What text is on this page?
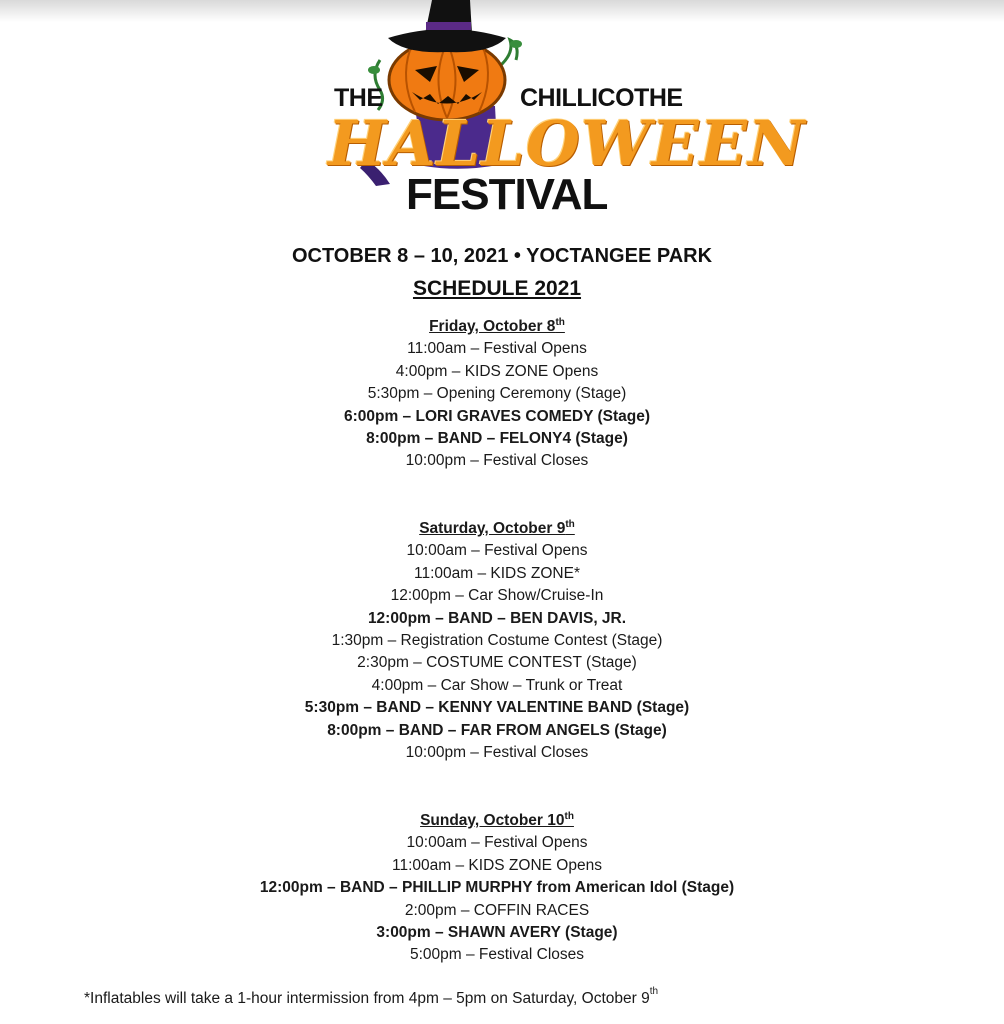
THE	CHILLICOTHE
HALLOWEEN
FESTIVAL
OCTOBER 8 – 10, 2021 • YOCTANGEE PARK
SCHEDULE 2021
Friday, October 8th
11:00am – Festival Opens
4:00pm – KIDS ZONE Opens
5:30pm – Opening Ceremony (Stage)
6:00pm – LORI GRAVES COMEDY (Stage)
8:00pm – BAND – FELONY4 (Stage)
10:00pm – Festival Closes
Saturday, October 9th
10:00am – Festival Opens
11:00am – KIDS ZONE*
12:00pm – Car Show/Cruise-In
12:00pm – BAND – BEN DAVIS, JR.
1:30pm – Registration Costume Contest (Stage)
2:30pm – COSTUME CONTEST (Stage)
4:00pm – Car Show – Trunk or Treat
5:30pm – BAND – KENNY VALENTINE BAND (Stage)
8:00pm – BAND – FAR FROM ANGELS (Stage)
10:00pm – Festival Closes
Sunday, October 10th
10:00am – Festival Opens
11:00am – KIDS ZONE Opens
12:00pm – BAND – PHILLIP MURPHY from American Idol (Stage)
2:00pm – COFFIN RACES
3:00pm – SHAWN AVERY (Stage)
5:00pm – Festival Closes
*Inflatables will take a 1-hour intermission from 4pm – 5pm on Saturday, October 9th
